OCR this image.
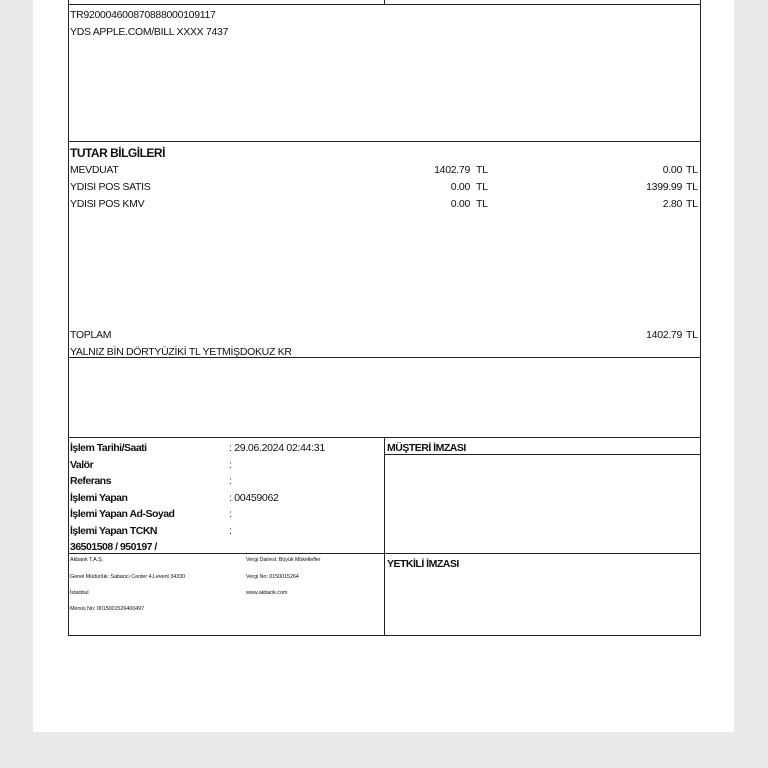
TR920004600870888000109117
YDS APPLE.COM/BILL XXXX 7437
TUTAR BİLGİLERİ
MEVDUAT	1402.79 TL	0.00 TL
YDISI POS SATIS	0.00 TL	1399.99 TL
YDISI POS KMV	0.00 TL	2.80 TL
TOPLAM	1402.79 TL
YALNIZ BİN DÖRTYÜZİKİ TL YETMİŞDOKUZ KR
İşlem Tarihi/Saati	: 29.06.2024 02:44:31
Valör	:
Referans	:
İşlemi Yapan	: 00459062
İşlemi Yapan Ad-Soyad	:
İşlemi Yapan TCKN	:
36501508 / 950197 /
MÜŞTERİ İMZASI
YETKİLİ İMZASI
Akbank T.A.Ş.
Genel Müdürlük: Sabancı Center 4.Levent 34330
İstanbul
Mersis No: 0015001526400497
Vergi Dairesi: Büyük Mükellefler
Vergi No: 0150015264
www.akbank.com
